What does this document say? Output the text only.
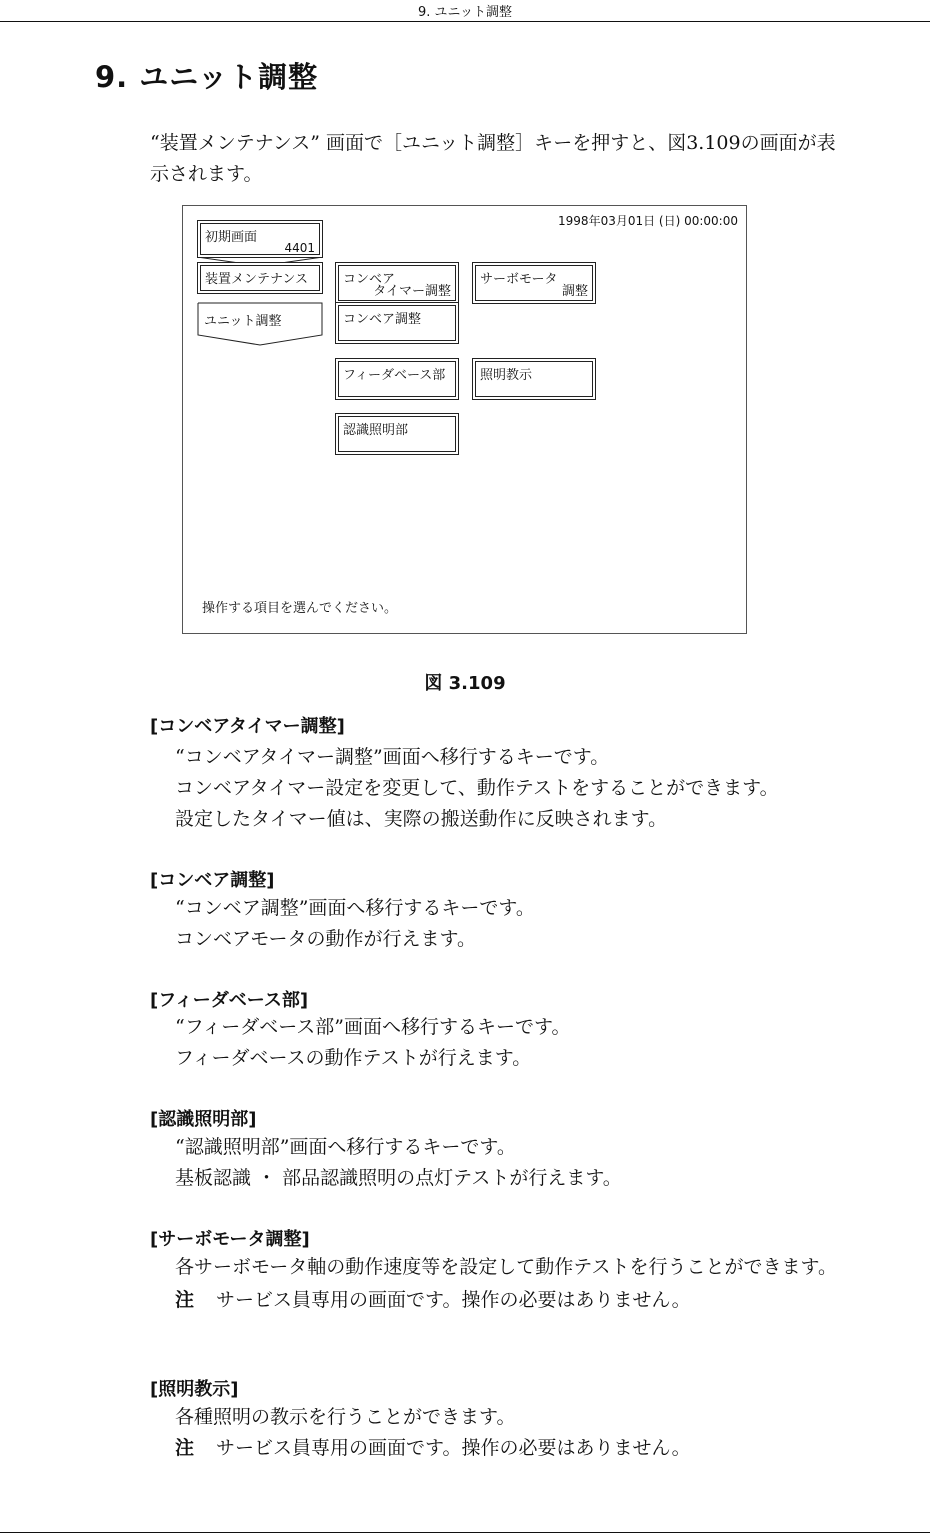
9. ユニット調整
9. ユニット調整
“装置メンテナンス” 画面で［ユニット調整］キーを押すと、図3.109の画面が表示されます。
1998年03月01日 (日) 00:00:00
初期画面
4401
装置メンテナンス
ユニット調整
コンベア
タイマー調整
サーボモータ
調整
コンベア調整
フィーダベース部	照明教示
認識照明部
操作する項目を選んでください。
図 3.109
[コンベアタイマー調整]
“コンベアタイマー調整”画面へ移行するキーです。
コンベアタイマー設定を変更して、動作テストをすることができます。
設定したタイマー値は、実際の搬送動作に反映されます。
[コンベア調整]
“コンベア調整”画面へ移行するキーです。
コンベアモータの動作が行えます。
[フィーダベース部]
“フィーダベース部”画面へ移行するキーです。
フィーダベースの動作テストが行えます。
[認識照明部]
“認識照明部”画面へ移行するキーです。
基板認識 ・ 部品認識照明の点灯テストが行えます。
[サーボモータ調整]
各サーボモータ軸の動作速度等を設定して動作テストを行うことができます。
注 サービス員専用の画面です。操作の必要はありません。
[照明教示]
各種照明の教示を行うことができます。
注 サービス員専用の画面です。操作の必要はありません。
